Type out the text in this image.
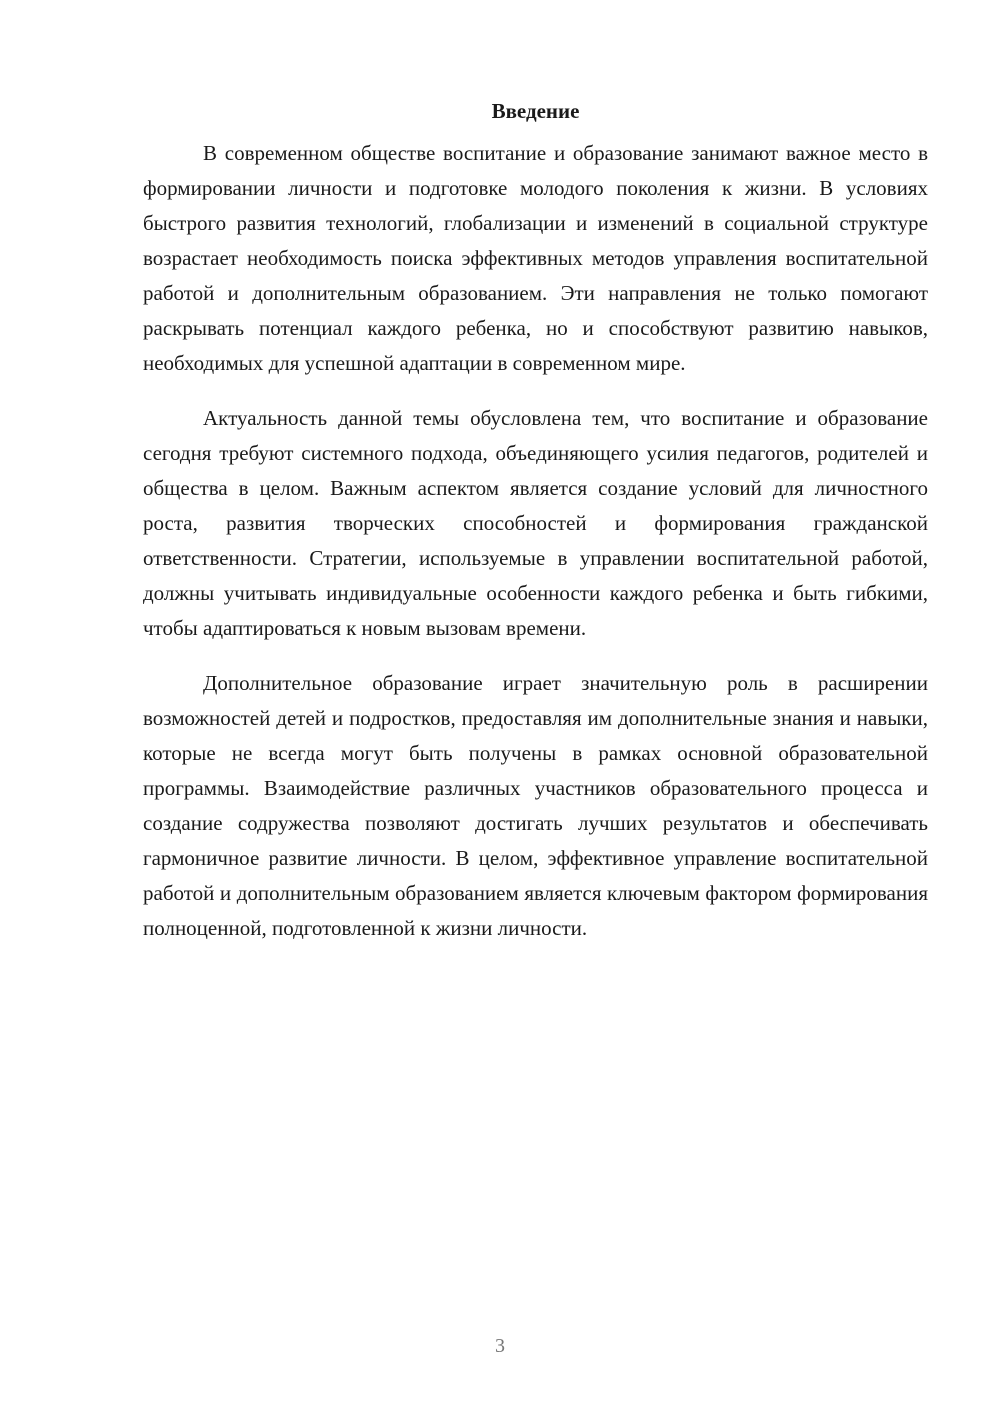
Введение

В современном обществе воспитание и образование занимают важное место в формировании личности и подготовке молодого поколения к жизни. В условиях быстрого развития технологий, глобализации и изменений в социальной структуре возрастает необходимость поиска эффективных методов управления воспитательной работой и дополнительным образованием. Эти направления не только помогают раскрывать потенциал каждого ребенка, но и способствуют развитию навыков, необходимых для успешной адаптации в современном мире.

Актуальность данной темы обусловлена тем, что воспитание и образование сегодня требуют системного подхода, объединяющего усилия педагогов, родителей и общества в целом. Важным аспектом является создание условий для личностного роста, развития творческих способностей и формирования гражданской ответственности. Стратегии, используемые в управлении воспитательной работой, должны учитывать индивидуальные особенности каждого ребенка и быть гибкими, чтобы адаптироваться к новым вызовам времени.

Дополнительное образование играет значительную роль в расширении возможностей детей и подростков, предоставляя им дополнительные знания и навыки, которые не всегда могут быть получены в рамках основной образовательной программы. Взаимодействие различных участников образовательного процесса и создание содружества позволяют достигать лучших результатов и обеспечивать гармоничное развитие личности. В целом, эффективное управление воспитательной работой и дополнительным образованием является ключевым фактором формирования полноценной, подготовленной к жизни личности.

3
